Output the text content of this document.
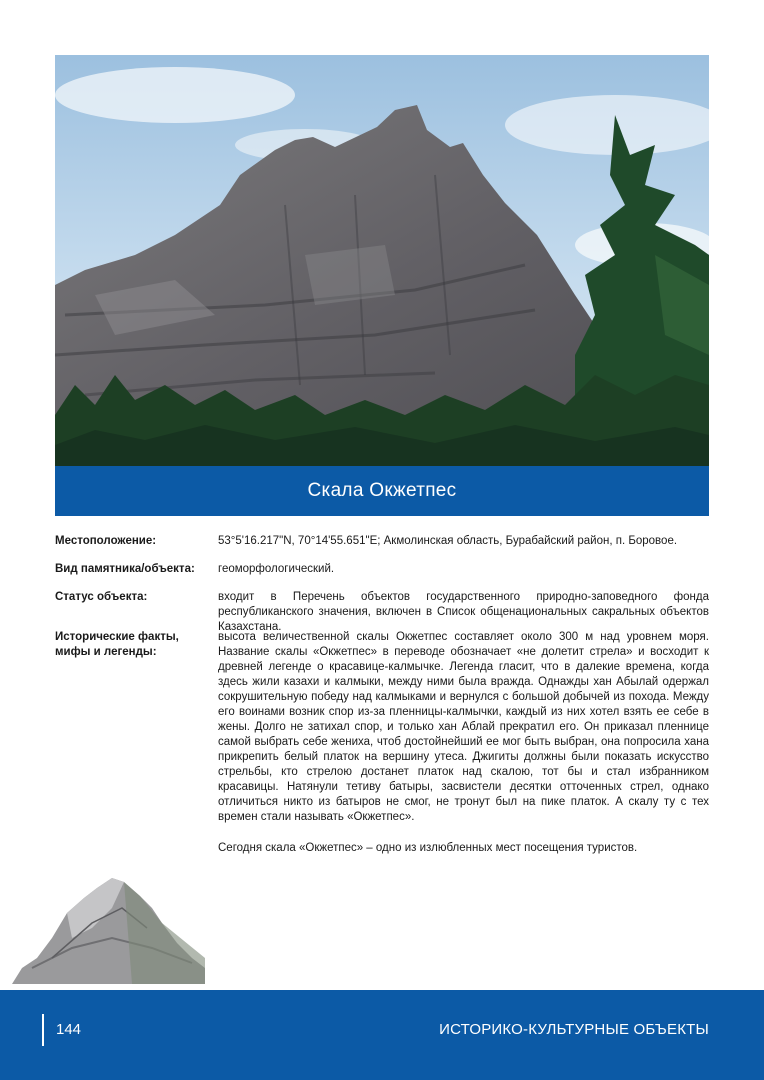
Скала Окжетпес
Местоположение:	53°5'16.217"N, 70°14'55.651"E; Акмолинская область, Бурабайский район, п. Боровое.

Вид памятника/объекта:	геоморфологический.

Статус объекта:	входит в Перечень объектов государственного природно-заповедного фонда республиканского значения, включен в Список общенациональных сакральных объектов Казахстана.

Исторические факты, мифы и легенды:

высота величественной скалы Окжетпес составляет около 300 м над уровнем моря. Название скалы «Окжетпес» в переводе обозначает «не долетит стрела» и восходит к древней легенде о красавице-калмычке. Легенда гласит, что в далекие времена, когда здесь жили казахи и калмыки, между ними была вражда. Однажды хан Абылай одержал сокрушительную победу над калмыками и вернулся с большой добычей из похода. Между его воинами возник спор из-за пленницы-калмычки, каждый из них хотел взять ее себе в жены. Долго не затихал спор, и только хан Аблай прекратил его. Он приказал пленнице самой выбрать себе жениха, чтоб достойнейший ее мог быть выбран, она попросила хана прикрепить белый платок на вершину утеса. Джигиты должны были показать искусство стрельбы, кто стрелою достанет платок над скалою, тот бы и стал избранником красавицы. Натянули тетиву батыры, засвистели десятки отточенных стрел, однако отличиться никто из батыров не смог, не тронут был на пике платок. А скалу ту с тех времен стали называть «Окжетпес».

Сегодня скала «Окжетпес» – одно из излюбленных мест посещения туристов.

144	ИСТОРИКО-КУЛЬТУРНЫЕ ОБЪЕКТЫ
